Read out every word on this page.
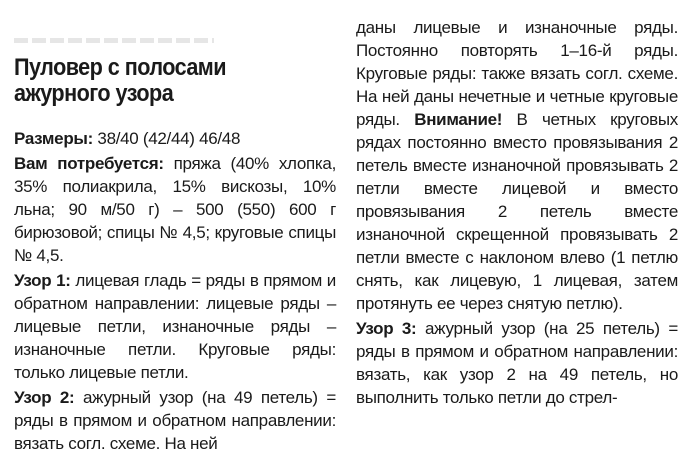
Пуловер с полосами
ажурного узора

Размеры: 38/40 (42/44) 46/48

Вам потребуется: пряжа (40% хлопка, 35% полиакрила, 15% вискозы, 10% льна; 90 м/50 г) – 500 (550) 600 г бирюзовой; спицы № 4,5; круговые спицы № 4,5.

Узор 1: лицевая гладь = ряды в прямом и обратном направлении: лицевые ряды – лицевые петли, изнаночные ряды – изнаночные петли. Круговые ряды: только лицевые петли.

Узор 2: ажурный узор (на 49 петель) = ряды в прямом и обратном направлении: вязать согл. схеме. На ней

даны лицевые и изнаночные ряды. Постоянно повторять 1–16-й ряды. Круговые ряды: также вязать согл. схеме. На ней даны нечетные и четные круговые ряды. Внимание! В четных круговых рядах постоянно вместо провязывания 2 петель вместе изнаночной провязывать 2 петли вместе лицевой и вместо провязывания 2 петель вместе изнаночной скрещенной провязывать 2 петли вместе с наклоном влево (1 петлю снять, как лицевую, 1 лицевая, затем протянуть ее через снятую петлю).

Узор 3: ажурный узор (на 25 петель) = ряды в прямом и обратном направлении: вязать, как узор 2 на 49 петель, но выполнить только петли до стрел-
